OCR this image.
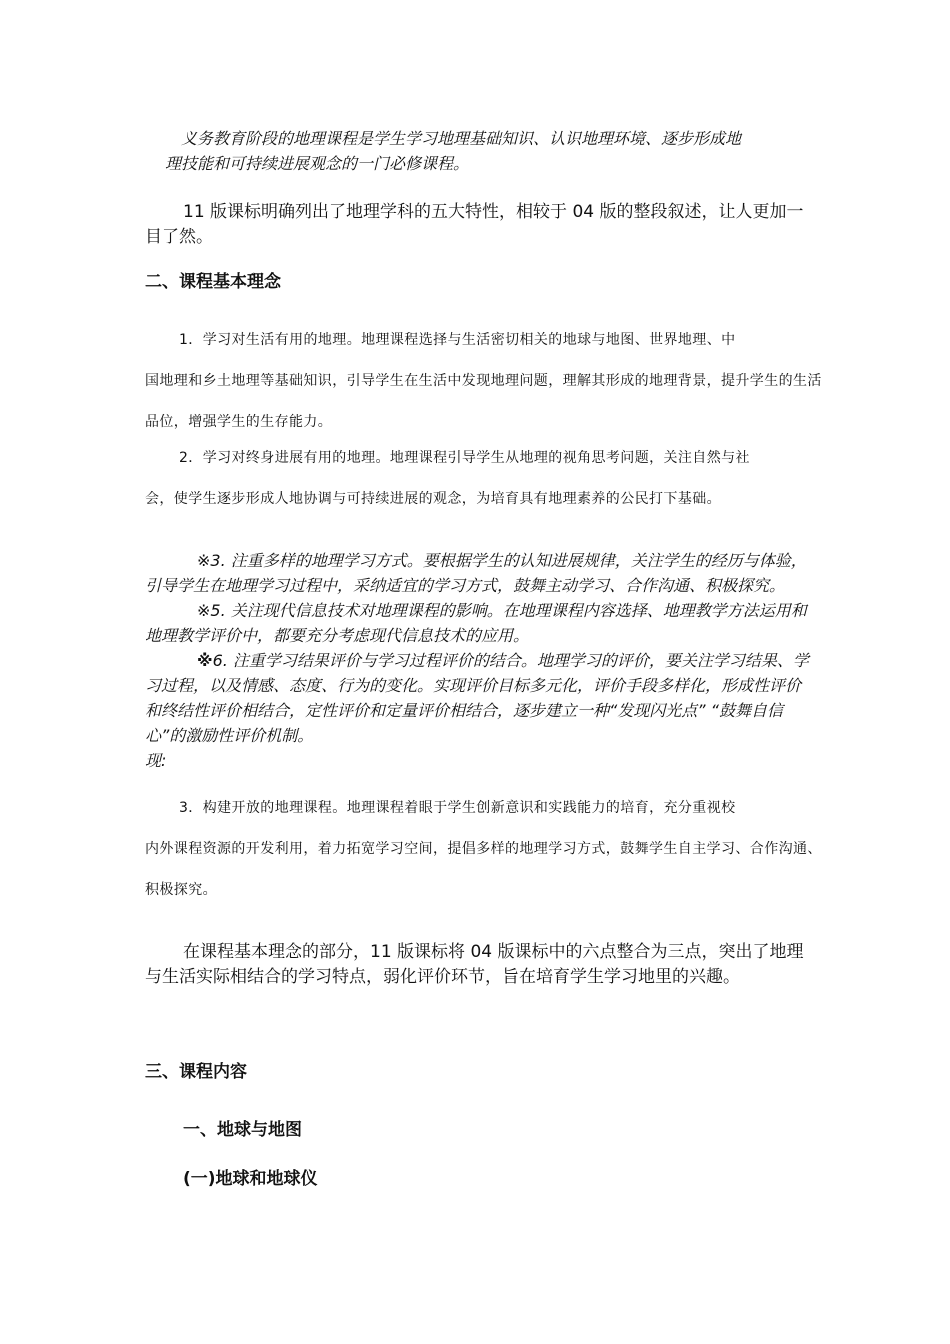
义务教育阶段的地理课程是学生学习地理基础知识、认识地理环境、逐步形成地
理技能和可持续进展观念的一门必修课程。

11 版课标明确列出了地理学科的五大特性，相较于 04 版的整段叙述，让人更加一目了然。

二、课程基本理念

1．学习对生活有用的地理。地理课程选择与生活密切相关的地球与地图、世界地理、中
国地理和乡土地理等基础知识，引导学生在生活中发现地理问题，理解其形成的地理背景，提升学生的生活品位，增强学生的生存能力。

2．学习对终身进展有用的地理。地理课程引导学生从地理的视角思考问题，关注自然与社
会，使学生逐步形成人地协调与可持续进展的观念，为培育具有地理素养的公民打下基础。

※3. 注重多样的地理学习方式。要根据学生的认知进展规律，关注学生的经历与体验，引导学生在地理学习过程中，采纳适宜的学习方式，鼓舞主动学习、合作沟通、积极探究。

※5. 关注现代信息技术对地理课程的影响。在地理课程内容选择、地理教学方法运用和地理教学评价中，都要充分考虑现代信息技术的应用。

※6. 注重学习结果评价与学习过程评价的结合。地理学习的评价，要关注学习结果、学习过程，以及情感、态度、行为的变化。实现评价目标多元化，评价手段多样化，形成性评价和终结性评价相结合，定性评价和定量评价相结合，逐步建立一种“发现闪光点” “鼓舞自信心”的激励性评价机制。

现:

3．构建开放的地理课程。地理课程着眼于学生创新意识和实践能力的培育，充分重视校
内外课程资源的开发利用，着力拓宽学习空间，提倡多样的地理学习方式，鼓舞学生自主学习、合作沟通、积极探究。

在课程基本理念的部分，11 版课标将 04 版课标中的六点整合为三点，突出了地理与生活实际相结合的学习特点，弱化评价环节，旨在培育学生学习地里的兴趣。

三、课程内容
一、地球与地图
(一)地球和地球仪
